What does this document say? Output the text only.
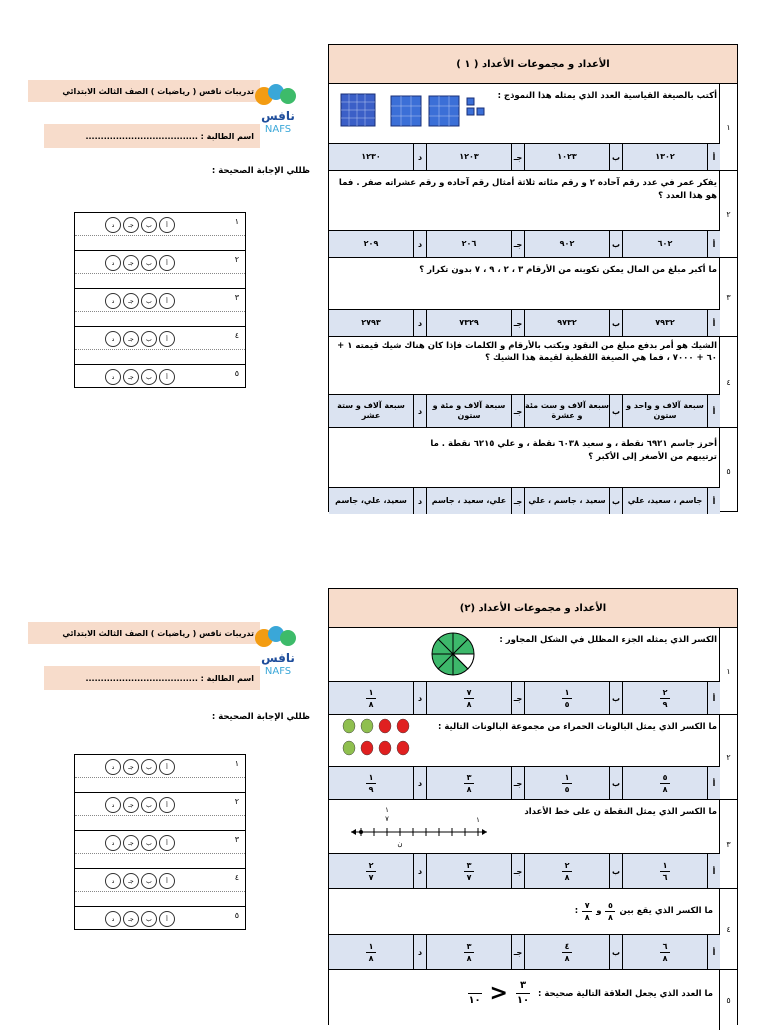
الأعداد و مجموعات الأعداد ( ١ )
١
أكتب بالصيغة القياسية العدد الذي يمثله هذا النموذج :
أ
١٣٠٢
ب
١٠٢٣
جـ
١٢٠٣
د
١٢٣٠
٢
يفكر عمر في عدد رقم آحاده ٢ و رقم مئاته ثلاثة أمثال رقم آحاده و رقم عشراته صفر . فما هو هذا العدد ؟
أ
٦٠٢
ب
٩٠٢
جـ
٢٠٦
د
٢٠٩
٣
ما أكبر مبلغ من المال يمكن تكوينه من الأرقام ٣ ، ٢ ، ٩ ، ٧ بدون تكرار ؟
أ
٧٩٣٢
ب
٩٧٣٢
جـ
٧٣٢٩
د
٢٧٩٣
٤
الشيك هو أمر بدفع مبلغ من النقود ويكتب بالأرقام و الكلمات فإذا كان هناك شيك قيمته ١ + ٦٠ + ٧٠٠٠ ، فما هي الصيغة اللفظية لقيمة هذا الشيك ؟
أ
سبعة آلاف و واحد و ستون
ب
سبعة آلاف و ست مئة و عشرة
جـ
سبعة آلاف و مئة و ستون
د
سبعة آلاف و ستة عشر
٥
أحرز جاسم ٦٩٢١ نقطة ، و سعيد ٦٠٣٨ نقطة ، و علي ٦٢١٥ نقطة . ما ترتيبهم من الأصغر إلى الأكبر ؟
أ
جاسم ، سعيد، علي
ب
سعيد ، جاسم ، علي
جـ
علي، سعيد ، جاسم
د
سعيد، علي، جاسم
الأعداد و مجموعات الأعداد (٢)
١
الكسر الذي يمثله الجزء المظلل في الشكل المجاور :
أ
$\frac{٢}{٩}$
ب
$\frac{١}{٥}$
جـ
$\frac{٧}{٨}$
د
$\frac{١}{٨}$
٢
ما الكسر الذي يمثل البالونات الحمراء من مجموعة البالونات التالية :
أ
$\frac{٥}{٨}$
ب
$\frac{١}{٥}$
جـ
$\frac{٣}{٨}$
د
$\frac{١}{٩}$
٣
ما الكسر الذي يمثل النقطة ن على خط الأعداد
١
٧	١
ن
أ
$\frac{١}{٦}$
ب
$\frac{٢}{٨}$
جـ
$\frac{٣}{٧}$
د
$\frac{٢}{٧}$
٤
ما الكسر الذي يقع بين
$\frac{٥}{٨}$
و
$\frac{٧}{٨}$
:
أ
$\frac{٦}{٨}$
ب
$\frac{٤}{٨}$
جـ
$\frac{٣}{٨}$
د
$\frac{١}{٨}$
٥
ما العدد الذي يجعل العلاقة التالية صحيحة :
$\frac{٣}{١٠}$
<
١٠
تدريبات نافس ( رياضيات ) الصف الثالث الابتدائي
نافس
NAFS
اسم الطالبة : .....................................
ظللي الإجابة الصحيحة :
١
أ
ب
جـ
د
٢
أ
ب
جـ
د
٣
أ
ب
جـ
د
٤
أ
ب
جـ
د
٥
أ
ب
جـ
د
تدريبات نافس ( رياضيات ) الصف الثالث الابتدائي
نافس
NAFS
اسم الطالبة : .....................................
ظللي الإجابة الصحيحة :
١
أ
ب
جـ
د
٢
أ
ب
جـ
د
٣
أ
ب
جـ
د
٤
أ
ب
جـ
د
٥
أ
ب
جـ
د
